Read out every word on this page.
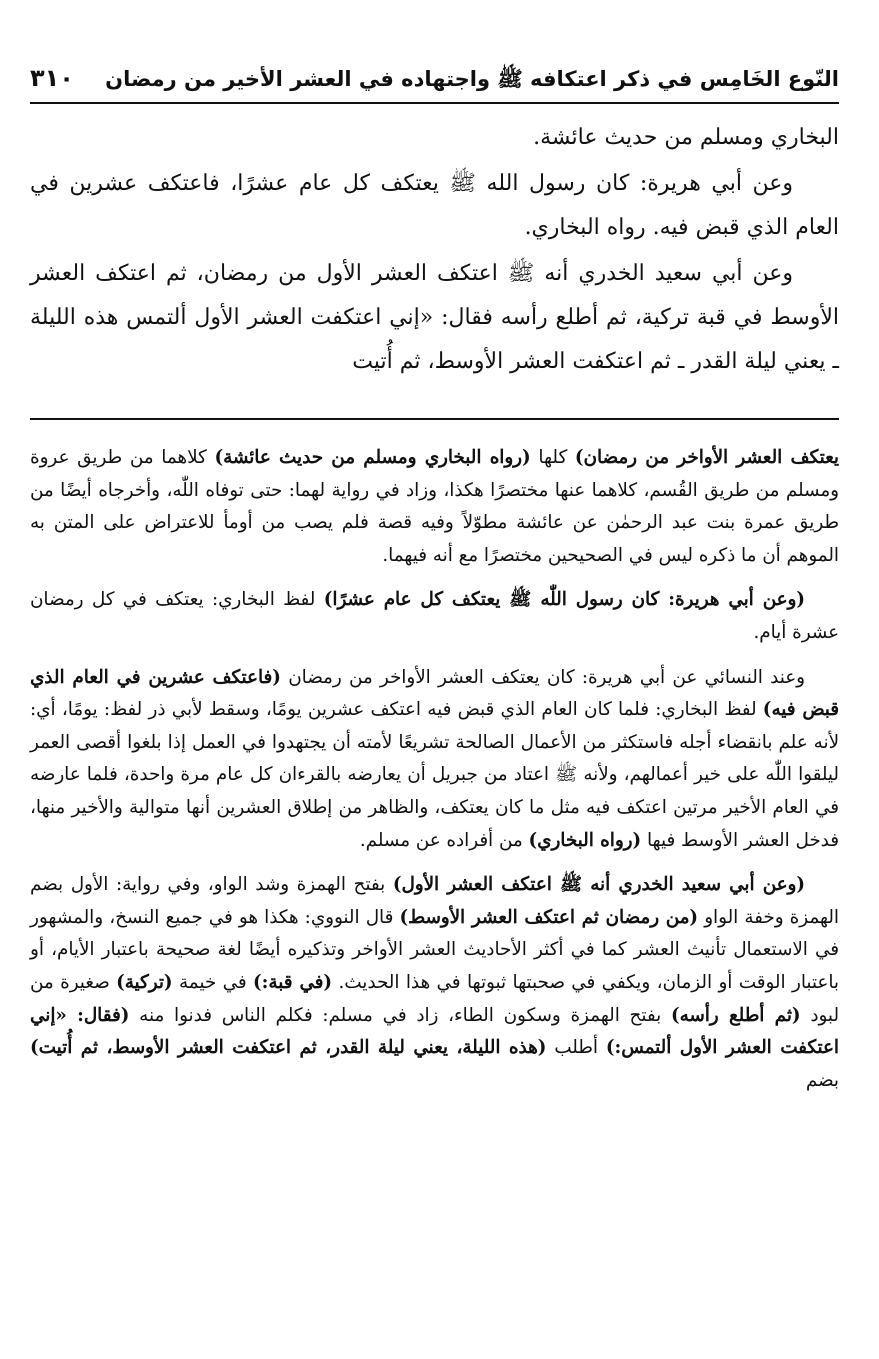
النّوع الخَامِس في ذكر اعتكافه ﷺ واجتهاده في العشر الأخير من رمضان
٣١٠

البخاري ومسلم من حديث عائشة.

وعن أبي هريرة: كان رسول الله ﷺ يعتكف كل عام عشرًا، فاعتكف عشرين في العام الذي قبض فيه. رواه البخاري.

وعن أبي سعيد الخدري أنه ﷺ اعتكف العشر الأول من رمضان، ثم اعتكف العشر الأوسط في قبة تركية، ثم أطلع رأسه فقال: «إني اعتكفت العشر الأول ألتمس هذه الليلة ـ يعني ليلة القدر ـ ثم اعتكفت العشر الأوسط، ثم أُتيت

يعتكف العشر الأواخر من رمضان) كلها (رواه البخاري ومسلم من حديث عائشة) كلاهما من طريق عروة ومسلم من طريق القُسم، كلاهما عنها مختصرًا هكذا، وزاد في رواية لهما: حتى توفاه اللّٰه، وأخرجاه أيضًا من طريق عمرة بنت عبد الرحمٰن عن عائشة مطوّلاً وفيه قصة فلم يصب من أومأ للاعتراض على المتن به الموهم أن ما ذكره ليس في الصحيحين مختصرًا مع أنه فيهما.

(وعن أبي هريرة: كان رسول اللّٰه ﷺ يعتكف كل عام عشرًا) لفظ البخاري: يعتكف في كل رمضان عشرة أيام.

وعند النسائي عن أبي هريرة: كان يعتكف العشر الأواخر من رمضان (فاعتكف عشرين في العام الذي قبض فيه) لفظ البخاري: فلما كان العام الذي قبض فيه اعتكف عشرين يومًا، وسقط لأبي ذر لفظ: يومًا، أي: لأنه علم بانقضاء أجله فاستكثر من الأعمال الصالحة تشريعًا لأمته أن يجتهدوا في العمل إذا بلغوا أقصى العمر ليلقوا اللّٰه على خير أعمالهم، ولأنه ﷺ اعتاد من جبريل أن يعارضه بالقرءان كل عام مرة واحدة، فلما عارضه في العام الأخير مرتين اعتكف فيه مثل ما كان يعتكف، والظاهر من إطلاق العشرين أنها متوالية والأخير منها، فدخل العشر الأوسط فيها (رواه البخاري) من أفراده عن مسلم.

(وعن أبي سعيد الخدري أنه ﷺ اعتكف العشر الأول) بفتح الهمزة وشد الواو، وفي رواية: الأول بضم الهمزة وخفة الواو (من رمضان ثم اعتكف العشر الأوسط) قال النووي: هكذا هو في جميع النسخ، والمشهور في الاستعمال تأنيث العشر كما في أكثر الأحاديث العشر الأواخر وتذكيره أيضًا لغة صحيحة باعتبار الأيام، أو باعتبار الوقت أو الزمان، ويكفي في صحبتها ثبوتها في هذا الحديث. (في قبة:) في خيمة (تركية) صغيرة من لبود (ثم أطلع رأسه) بفتح الهمزة وسكون الطاء، زاد في مسلم: فكلم الناس فدنوا منه (فقال: «إني اعتكفت العشر الأول ألتمس:) أطلب (هذه الليلة، يعني ليلة القدر، ثم اعتكفت العشر الأوسط، ثم أُتيت) بضم
